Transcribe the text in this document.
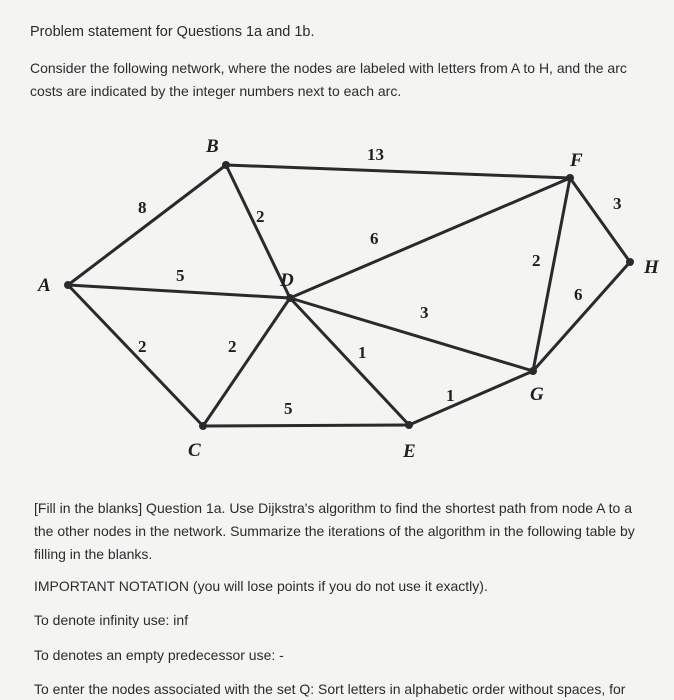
Problem statement for Questions 1a and 1b.
Consider the following network, where the nodes are labeled with letters from A to H, and the arc
costs are indicated by the integer numbers next to each arc.
A
B
C
D
E
F
G
H
8
5
2
13
2
2
5
6
3
1
1
2
3
6
[Fill in the blanks] Question 1a. Use Dijkstra's algorithm to find the shortest path from node A to a
the other nodes in the network. Summarize the iterations of the algorithm in the following table by
filling in the blanks.
IMPORTANT NOTATION (you will lose points if you do not use it exactly).
To denote infinity use: inf
To denotes an empty predecessor use: -
To enter the nodes associated with the set Q: Sort letters in alphabetic order without spaces, for
